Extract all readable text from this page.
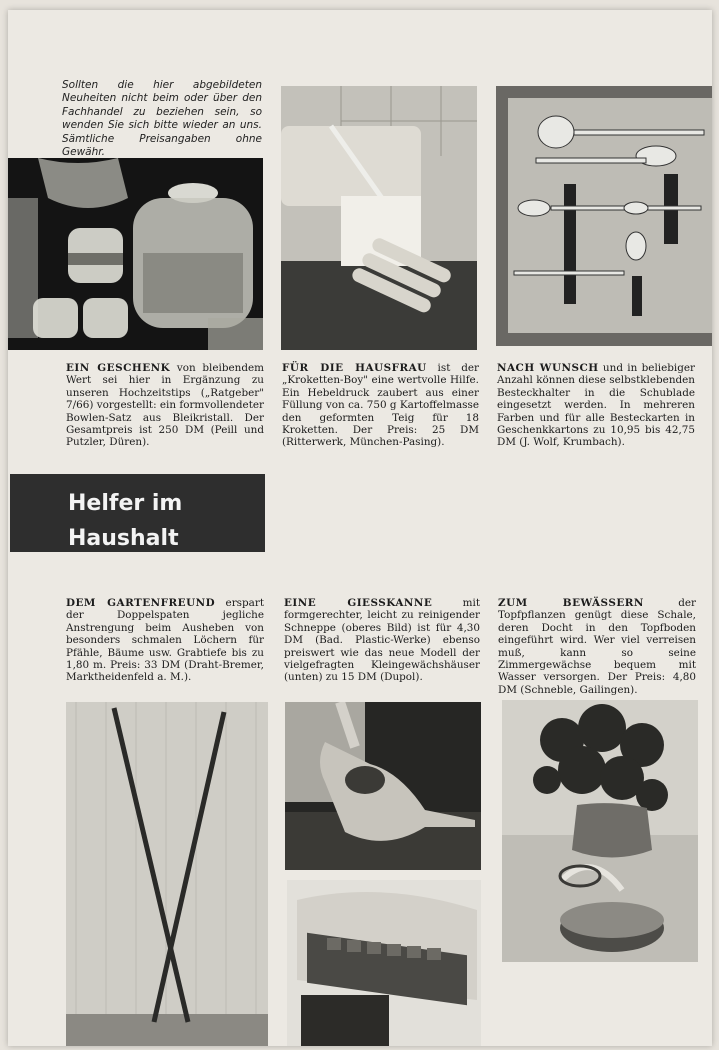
Sollten die hier abgebildeten Neuheiten nicht beim oder über den Fachhandel zu beziehen sein, so wenden Sie sich bitte wieder an uns. Sämtliche Preisangaben ohne Gewähr.

EIN GESCHENK von bleibendem Wert sei hier in Ergänzung zu unseren Hochzeitstips („Ratgeber" 7/66) vorgestellt: ein formvollendeter Bowlen-Satz aus Bleikristall. Der Gesamtpreis ist 250 DM (Peill und Putzler, Düren).

FÜR DIE HAUSFRAU ist der „Kroketten-Boy" eine wertvolle Hilfe. Ein Hebeldruck zaubert aus einer Füllung von ca. 750 g Kartoffelmasse den geformten Teig für 18 Kroketten. Der Preis: 25 DM (Ritterwerk, München-Pasing).

NACH WUNSCH und in beliebiger Anzahl können diese selbstklebenden Besteckhalter in die Schublade eingesetzt werden. In mehreren Farben und für alle Besteckarten in Geschenkkartons zu 10,95 bis 42,75 DM (J. Wolf, Krumbach).

Helfer im
Haushalt

DEM GARTENFREUND erspart der Doppelspaten jegliche Anstrengung beim Ausheben von besonders schmalen Löchern für Pfähle, Bäume usw. Grabtiefe bis zu 1,80 m. Preis: 33 DM (Draht-Bremer, Marktheidenfeld a. M.).

EINE GIESSKANNE mit formgerechter, leicht zu reinigender Schneppe (oberes Bild) ist für 4,30 DM (Bad. Plastic-Werke) ebenso preiswert wie das neue Modell der vielgefragten Kleingewächshäuser (unten) zu 15 DM (Dupol).

ZUM BEWÄSSERN der Topfpflanzen genügt diese Schale, deren Docht in den Topfboden eingeführt wird. Wer viel verreisen muß, kann so seine Zimmergewächse bequem mit Wasser versorgen. Der Preis: 4,80 DM (Schneble, Gailingen).
